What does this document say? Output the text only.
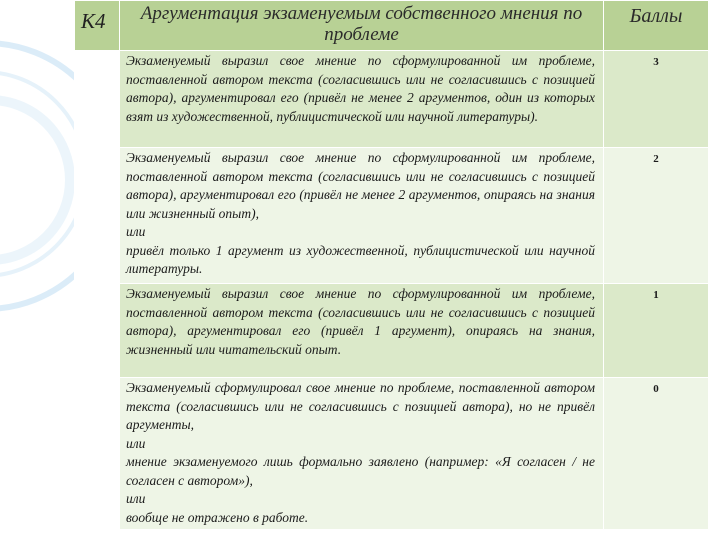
К4	Аргументация экзаменуемым собственного мнения по проблеме	Баллы

	Экзаменуемый выразил свое мнение по сформулированной им проблеме, поставленной автором текста (согласившись или не согласившись с позицией автора), аргументировал его (привёл не менее 2 аргументов, один из которых взят из художественной, публицистической или научной литературы).	3

	Экзаменуемый выразил свое мнение по сформулированной им проблеме, поставленной автором текста (согласившись или не согласившись с позицией автора), аргументировал его (привёл не менее 2 аргументов, опираясь на знания или жизненный опыт),
или
привёл только 1 аргумент из художественной, публицистической или научной литературы.	2

	Экзаменуемый выразил свое мнение по сформулированной им проблеме, поставленной автором текста (согласившись или не согласившись с позицией автора), аргументировал его (привёл 1 аргумент), опираясь на знания, жизненный или читательский опыт.	1

	Экзаменуемый сформулировал свое мнение по проблеме, поставленной автором текста (согласившись или не согласившись с позицией автора), но не привёл аргументы,
или
мнение экзаменуемого лишь формально заявлено (например: «Я согласен / не согласен с автором»),
или
вообще не отражено в работе.	0
